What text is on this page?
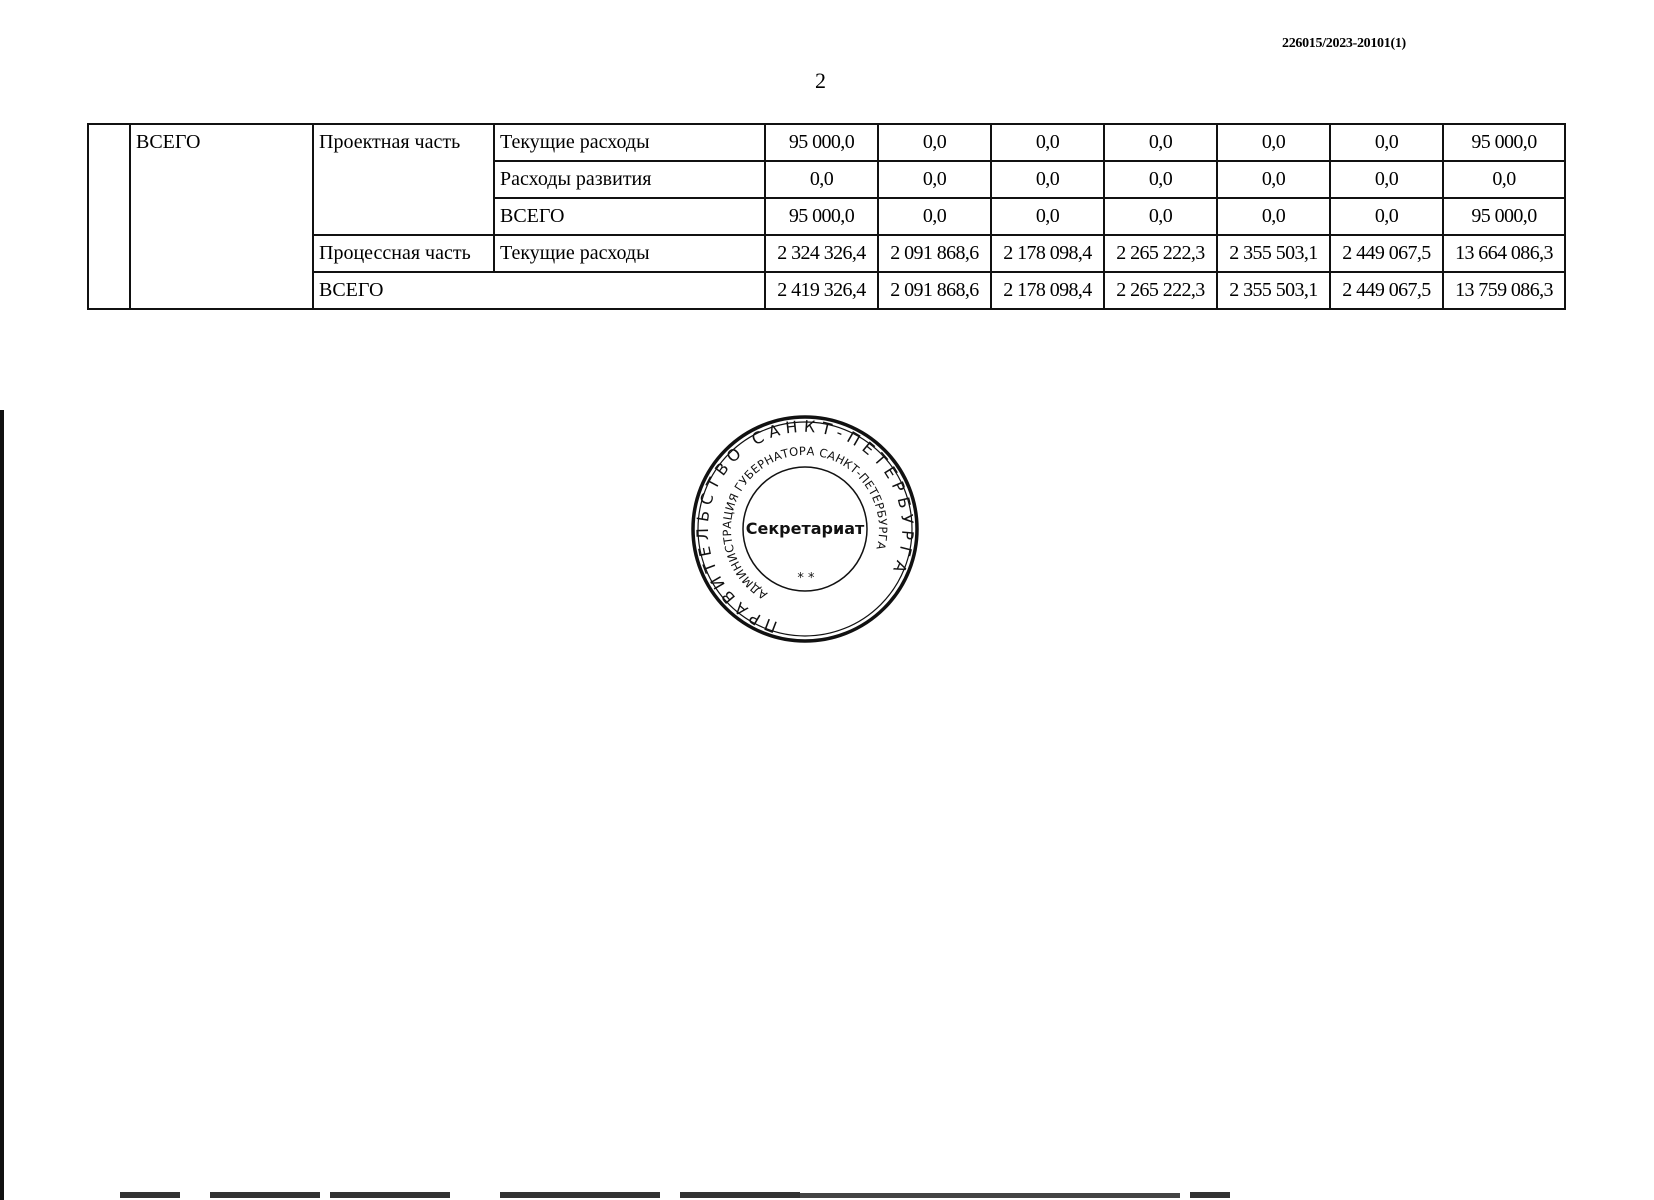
226015/2023-20101(1)
2
	ВСЕГО	Проектная часть	Текущие расходы	95 000,0	0,0	0,0	0,0	0,0	0,0	95 000,0
			Расходы развития	0,0	0,0	0,0	0,0	0,0	0,0	0,0
			ВСЕГО	95 000,0	0,0	0,0	0,0	0,0	0,0	95 000,0
		Процессная часть	Текущие расходы	2 324 326,4	2 091 868,6	2 178 098,4	2 265 222,3	2 355 503,1	2 449 067,5	13 664 086,3
		ВСЕГО		2 419 326,4	2 091 868,6	2 178 098,4	2 265 222,3	2 355 503,1	2 449 067,5	13 759 086,3
ПРАВИТЕЛЬСТВО САНКТ-ПЕТЕРБУРГА
АДМИНИСТРАЦИЯ ГУБЕРНАТОРА САНКТ-ПЕТЕРБУРГА
* *
Секретариат
